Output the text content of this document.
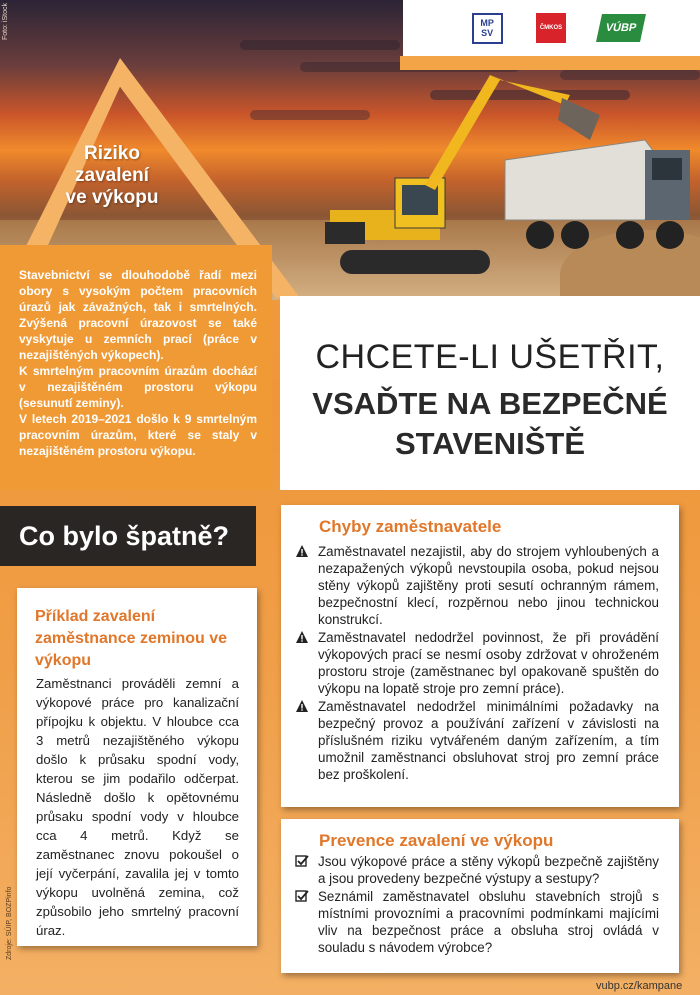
MP
SV	ČMKOS	VÚBP
Foto: iStock
Riziko
zavalení
ve výkopu

Stavebnictví se dlouhodobě řadí mezi obory s vysokým počtem pracovních úrazů jak závažných, tak i smrtelných. Zvýšená pracovní úrazovost se také vyskytuje u zemních prací (práce v nezajištěných výkopech).

K smrtelným pracovním úrazům dochází v nezajištěném prostoru výkopu (sesunutí zeminy).

V letech 2019–2021 došlo k 9 smrtelným pracovním úrazům, které se staly v nezajištěném prostoru výkopu.

CHCETE-LI UŠETŘIT,
VSAĎTE NA BEZPEČNÉ
STAVENIŠTĚ
Co bylo špatně?
Příklad zavalení zaměstnance zeminou ve výkopu
Zaměstnanci prováděli zemní a výkopové práce pro kanalizační přípojku k objektu. V hloubce cca 3 metrů nezajištěného výkopu došlo k průsaku spodní vody, kterou se jim podařilo odčerpat. Následně došlo k opětovnému průsaku spodní vody v hloubce cca 4 metrů. Když se zaměstnanec znovu pokoušel o její vyčerpání, zavalila jej v tomto výkopu uvolněná zemina, což způsobilo jeho smrtelný pracovní úraz.
Zdroje: SÚIP, BOZPinfo
Chyby zaměstnavatele
Zaměstnavatel nezajistil, aby do strojem vyhloubených a nezapažených výkopů nevstoupila osoba, pokud nejsou stěny výkopů zajištěny proti sesutí ochranným rámem, bezpečnostní klecí, rozpěrnou nebo jinou technickou konstrukcí.
Zaměstnavatel nedodržel povinnost, že při provádění výkopových prací se nesmí osoby zdržovat v ohroženém prostoru stroje (zaměstnanec byl opakovaně spuštěn do výkopu na lopatě stroje pro zemní práce).
Zaměstnavatel nedodržel minimálními požadavky na bezpečný provoz a používání zařízení v závislosti na příslušném riziku vytvářeném daným zařízením, a tím umožnil zaměstnanci obsluhovat stroj pro zemní práce bez proškolení.
Prevence zavalení ve výkopu
Jsou výkopové práce a stěny výkopů bezpečně zajištěny a jsou provedeny bezpečné výstupy a sestupy?
Seznámil zaměstnavatel obsluhu stavebních strojů s místními provozními a pracovními podmínkami majícími vliv na bezpečnost práce a obsluha stroj ovládá v souladu s návodem výrobce?
vubp.cz/kampane
